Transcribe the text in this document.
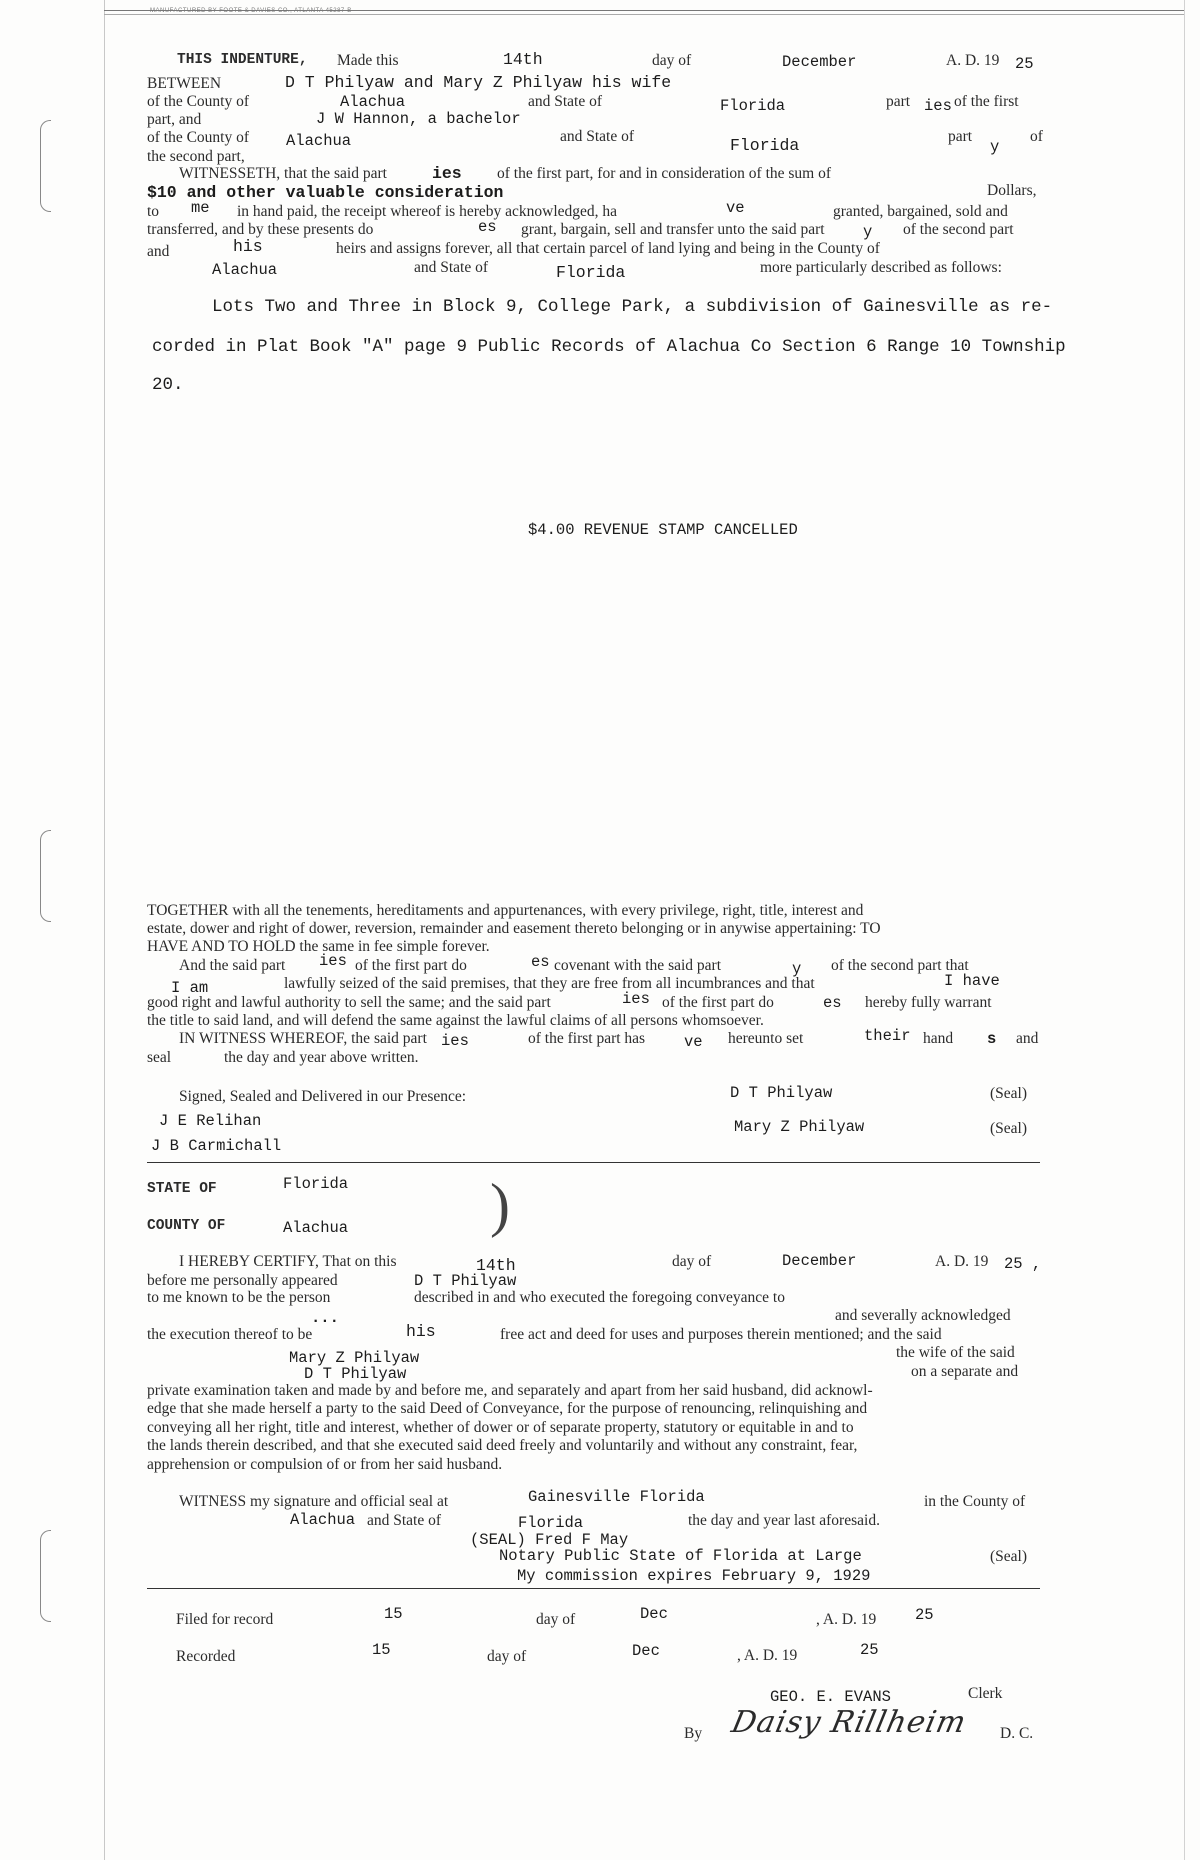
MANUFACTURED BY FOOTE & DAVIES CO., ATLANTA 45287-B
THIS INDENTURE, Made this	14th	day of	December	A. D. 19 25
BETWEEN	D T Philyaw and Mary Z Philyaw his wife
of the County of	Alachua	and State of	Florida	part ies of the first
part, and	J W Hannon, a bachelor
of the County of Alachua	and State of	Florida	part
y
of
the second part,
WITNESSETH, that the said part	ies of the first part, for and in consideration of the sum of
$10 and other valuable consideration	Dollars,
to me in hand paid, the receipt whereof is hereby acknowledged, ha	ve	granted, bargained, sold and
transferred, and by these presents do	es grant, bargain, sell and transfer unto the said part y of the second part
and	his	heirs and assigns forever, all that certain parcel of land lying and being in the County of
Alachua	and State of	Florida	more particularly described as follows:
Lots Two and Three in Block 9, College Park, a subdivision of Gainesville as re-
corded in Plat Book "A" page 9 Public Records of Alachua Co Section 6 Range 10 Township
20.
$4.00 REVENUE STAMP CANCELLED
TOGETHER with all the tenements, hereditaments and appurtenances, with every privilege, right, title, interest and
estate, dower and right of dower, reversion, remainder and easement thereto belonging or in anywise appertaining: TO
HAVE AND TO HOLD the same in fee simple forever.
And the said part ies of the first part do	es covenant with the said part	y of the second part that
I am	lawfully seized of the said premises, that they are free from all incumbrances and that	I have
good right and lawful authority to sell the same; and the said part	ies of the first part do	es hereby fully warrant
the title to said land, and will defend the same against the lawful claims of all persons whomsoever.
IN WITNESS WHEREOF, the said part ies	of the first part has	ve hereunto set	their hand s and
seal	the day and year above written.
Signed, Sealed and Delivered in our Presence:	D T Philyaw	(Seal)
J E Relihan	Mary Z Philyaw	(Seal)
J B Carmichall
STATE OF	Florida )
COUNTY OF	Alachua
I HEREBY CERTIFY, That on this	14th	day of	December	A. D. 19 25 ,
before me personally appeared	D T Philyaw
to me known to be the person	described in and who executed the foregoing conveyance to
and severally acknowledged
...
the execution thereof to be	his	free act and deed for uses and purposes therein mentioned; and the said
Mary Z Philyaw	the wife of the said
D T Philyaw	on a separate and
private examination taken and made by and before me, and separately and apart from her said husband, did acknowl-
edge that she made herself a party to the said Deed of Conveyance, for the purpose of renouncing, relinquishing and
conveying all her right, title and interest, whether of dower or of separate property, statutory or equitable in and to
the lands therein described, and that she executed said deed freely and voluntarily and without any constraint, fear,
apprehension or compulsion of or from her said husband.
WITNESS my signature and official seal at	Gainesville Florida	in the County of
Alachua and State of	Florida	the day and year last aforesaid.
(SEAL) Fred F May
Notary Public State of Florida at Large	(Seal)
My commission expires February 9, 1929
Filed for record	15	day of	Dec	, A. D. 19 25
Recorded	15	day of	Dec	, A. D. 19	25
GEO. E. EVANS	Clerk
By Daisy Rillheim D. C.
